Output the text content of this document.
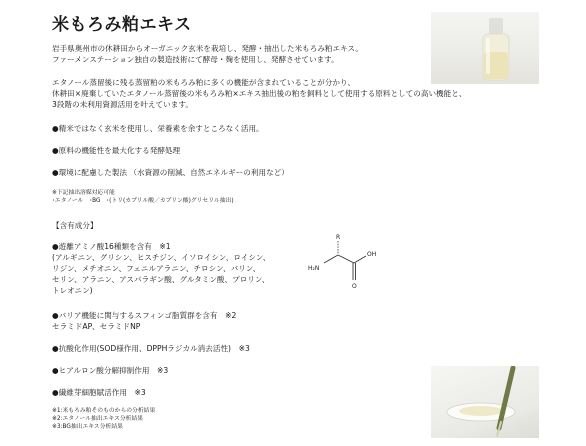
米もろみ粕エキス
岩手県奥州市の休耕田からオーガニック玄米を栽培し、発酵・抽出した米もろみ粕エキス。
ファーメンステーション独自の製造技術にて酵母・麹を使用し、発酵させています。
エタノール蒸留後に残る蒸留粕の米もろみ粕に多くの機能が含まれていることが分かり、
休耕田×廃棄していたエタノール蒸留後の米もろみ粕×エキス抽出後の粕を飼料として使用する原料としての高い機能と、
3段階の未利用資源活用を叶えています。
●精米ではなく玄米を使用し、栄養素を余すところなく活用。
●原料の機能性を最大化する発酵処理
●環境に配慮した製法 （水資源の削減、自然エネルギーの利用など）
※下記抽出溶媒対応可能
･エタノール　･BG　･(トリ(カプリル酸／カプリン酸)グリセリル抽出)
【含有成分】
●遊離アミノ酸16種類を含有　※1
(アルギニン、グリシン、ヒスチジン、イソロイシン、ロイシン、
リジン、メチオニン、フェニルアラニン、チロシン、バリン、
セリン、アラニン、アスパラギン酸、グルタミン酸、プロリン、
トレオニン)
●バリア機能に関与するスフィンゴ脂質群を含有　※2
セラミドAP、セラミドNP
●抗酸化作用(SOD様作用、DPPHラジカル消去活性)　※3
●ヒアルロン酸分解抑制作用　※3
●繊維芽細胞賦活作用　※3
※1:米もろみ粕そのものからの分析結果
※2:エタノール抽出エキス分析結果
※3:BG抽出エキス分析結果
R
H₂N
OH
O
